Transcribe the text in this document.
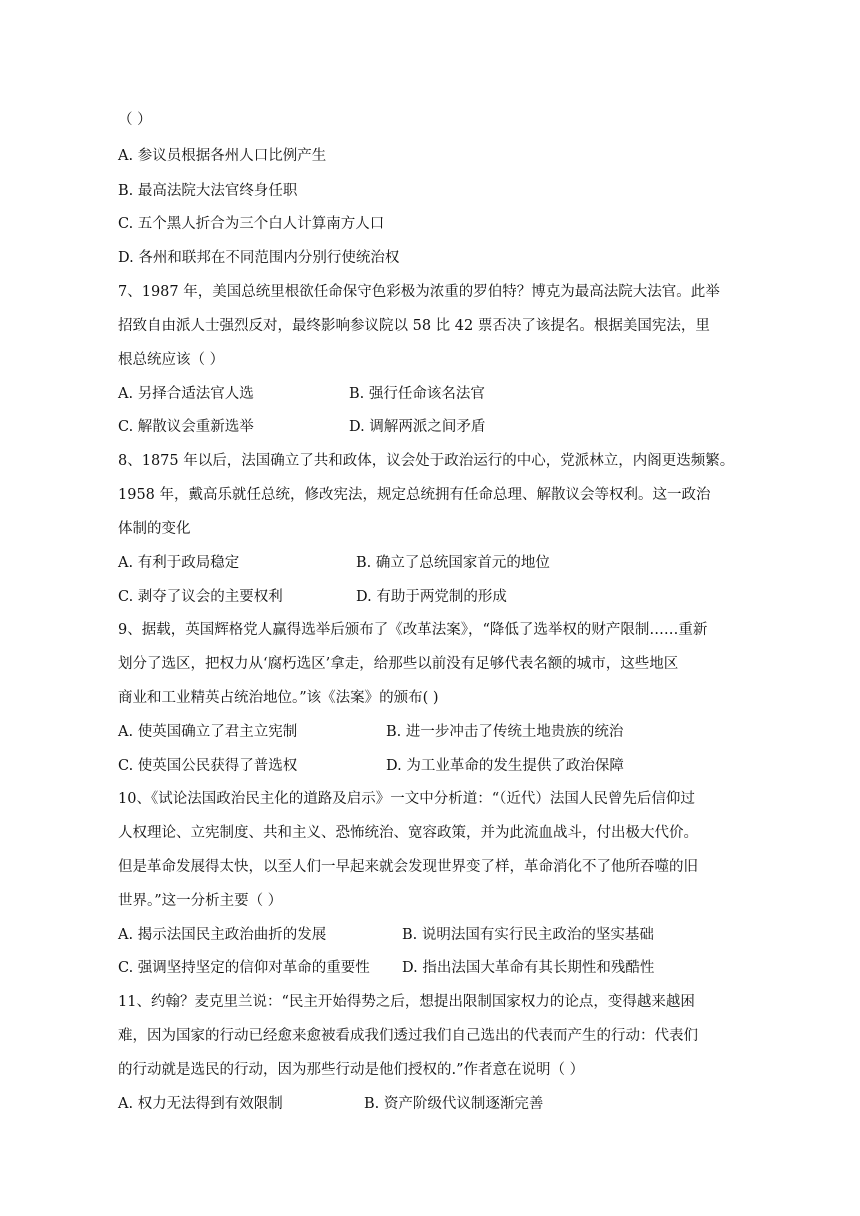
（ ）
A. 参议员根据各州人口比例产生
B. 最高法院大法官终身任职
C. 五个黑人折合为三个白人计算南方人口
D. 各州和联邦在不同范围内分别行使统治权
7、1987 年，美国总统里根欲任命保守色彩极为浓重的罗伯特？博克为最高法院大法官。此举
招致自由派人士强烈反对，最终影响参议院以 58 比 42 票否决了该提名。根据美国宪法，里
根总统应该（ ）
A. 另择合适法官人选	B. 强行任命该名法官
C. 解散议会重新选举	D. 调解两派之间矛盾
8、1875 年以后，法国确立了共和政体，议会处于政治运行的中心，党派林立，内阁更迭频繁。
1958 年，戴高乐就任总统，修改宪法，规定总统拥有任命总理、解散议会等权利。这一政治
体制的变化
A. 有利于政局稳定	B. 确立了总统国家首元的地位
C. 剥夺了议会的主要权利	D. 有助于两党制的形成
9、据载，英国辉格党人赢得选举后颁布了《改革法案》，“降低了选举权的财产限制……重新
划分了选区，把权力从‘腐朽选区’拿走，给那些以前没有足够代表名额的城市，这些地区
商业和工业精英占统治地位。”该《法案》的颁布( )
A. 使英国确立了君主立宪制	B. 进一步冲击了传统土地贵族的统治
C. 使英国公民获得了普选权	D. 为工业革命的发生提供了政治保障
10、《试论法国政治民主化的道路及启示》一文中分析道：“（近代）法国人民曾先后信仰过
人权理论、立宪制度、共和主义、恐怖统治、宽容政策，并为此流血战斗，付出极大代价。
但是革命发展得太快，以至人们一早起来就会发现世界变了样，革命消化不了他所吞噬的旧
世界。”这一分析主要（ ）
A. 揭示法国民主政治曲折的发展	B. 说明法国有实行民主政治的坚实基础
C. 强调坚持坚定的信仰对革命的重要性 D. 指出法国大革命有其长期性和残酷性
11、约翰？麦克里兰说：“民主开始得势之后，想提出限制国家权力的论点，变得越来越困
难，因为国家的行动已经愈来愈被看成我们透过我们自己选出的代表而产生的行动：代表们
的行动就是选民的行动，因为那些行动是他们授权的.”作者意在说明（ ）
A. 权力无法得到有效限制	B. 资产阶级代议制逐渐完善
